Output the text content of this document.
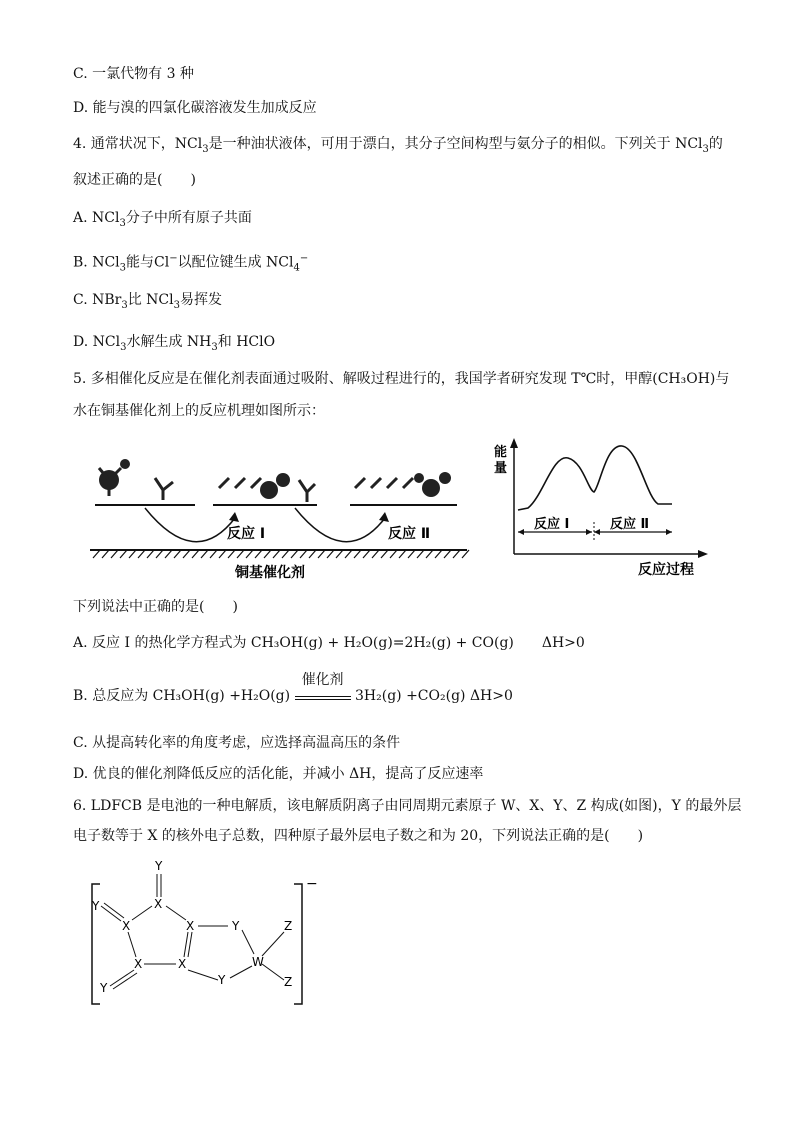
C. 一氯代物有 3 种
D. 能与溴的四氯化碳溶液发生加成反应
4. 通常状况下，NCl$_3$是一种油状液体，可用于漂白，其分子空间构型与氨分子的相似。下列关于 NCl$_3$的
叙述正确的是(　　)
A. NCl$_3$分子中所有原子共面
B. NCl$_3$能与Cl−以配位键生成 NCl$_4$−
C. NBr$_3$比 NCl$_3$易挥发
D. NCl$_3$水解生成 $NH_3$和 HClO
5. 多相催化反应是在催化剂表面通过吸附、解吸过程进行的，我国学者研究发现 T℃时，甲醇(CH₃OH)与
水在铜基催化剂上的反应机理如图所示：
反应 Ⅰ	反应 Ⅱ
铜基催化剂
能
量
反应 Ⅰ	反应 Ⅱ
反应过程
下列说法中正确的是(　　)
A. 反应 Ⅰ 的热化学方程式为 CH₃OH(g) + H₂O(g)=2H₂(g) + CO(g)　　ΔH>0
B. 总反应为 CH₃OH(g) +H₂O(g)
催化剂
3H₂(g) +CO₂(g) ΔH>0
C. 从提高转化率的角度考虑，应选择高温高压的条件
D. 优良的催化剂降低反应的活化能，并减小 ΔH，提高了反应速率
6. LDFCB 是电池的一种电解质，该电解质阴离子由同周期元素原子 W、X、Y、Z 构成(如图)，Y 的最外层
电子数等于 X 的核外电子总数，四种原子最外层电子数之和为 20，下列说法正确的是(　　)
−
Y
X
Y
X	X	Y	Z
W
X	X
Y	Z
Y
